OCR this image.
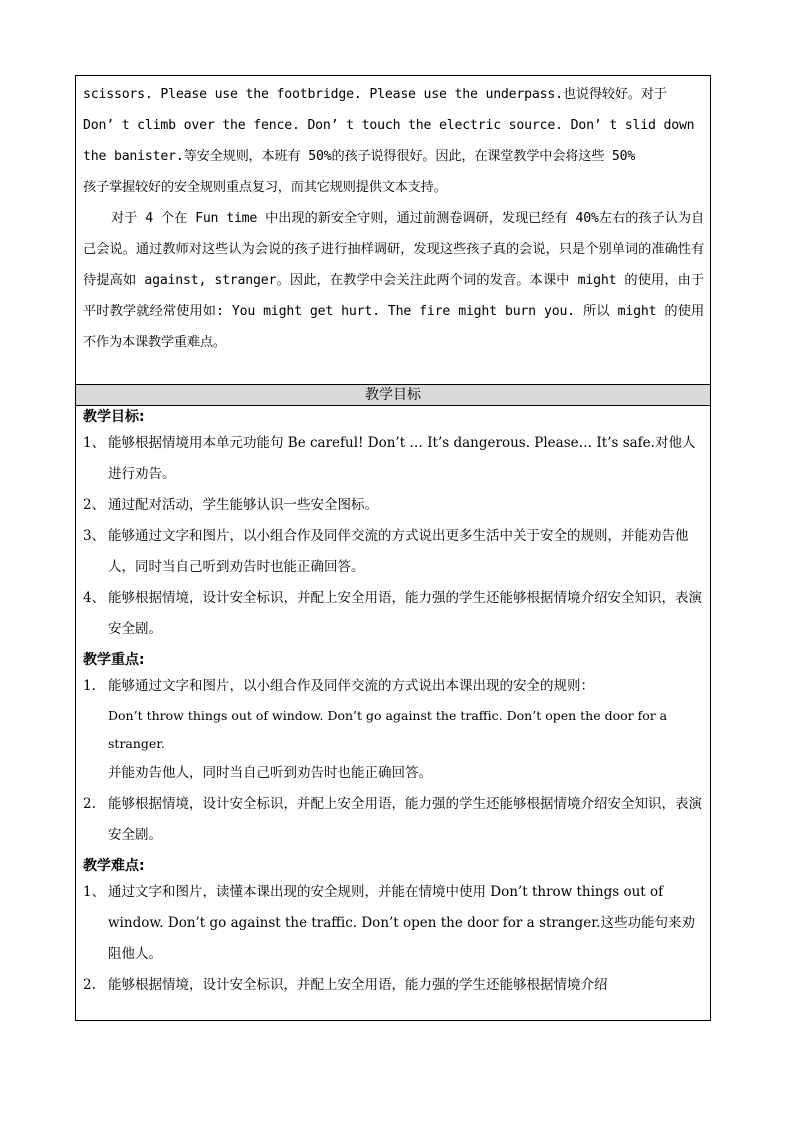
scissors. Please use the footbridge. Please use the underpass.也说得较好。对于

Don’ t climb over the fence. Don’ t touch the electric source. Don’ t slid down

the banister.等安全规则，本班有 50%的孩子说得很好。因此，在课堂教学中会将这些 50%

孩子掌握较好的安全规则重点复习，而其它规则提供文本支持。

对于 4 个在 Fun time 中出现的新安全守则，通过前测卷调研，发现已经有 40%左右的孩子认为自己会说。通过教师对这些认为会说的孩子进行抽样调研，发现这些孩子真的会说，只是个别单词的准确性有待提高如 against, stranger。因此，在教学中会关注此两个词的发音。本课中 might 的使用，由于平时教学就经常使用如: You might get hurt. The fire might burn you. 所以 might 的使用不作为本课教学重难点。

教学目标

教学目标:

1、 能够根据情境用本单元功能句 Be careful! Don’t … It’s dangerous. Please… It’s safe.对他人进行劝告。
2、 通过配对活动，学生能够认识一些安全图标。
3、 能够通过文字和图片，以小组合作及同伴交流的方式说出更多生活中关于安全的规则，并能劝告他人，同时当自己听到劝告时也能正确回答。
4、 能够根据情境，设计安全标识，并配上安全用语，能力强的学生还能够根据情境介绍安全知识，表演安全剧。

教学重点:

1. 能够通过文字和图片，以小组合作及同伴交流的方式说出本课出现的安全的规则：

Don’t throw things out of window. Don’t go against the traffic. Don’t open the door for a stranger.

并能劝告他人，同时当自己听到劝告时也能正确回答。

2. 能够根据情境，设计安全标识，并配上安全用语，能力强的学生还能够根据情境介绍安全知识，表演安全剧。

教学难点:

1、 通过文字和图片，读懂本课出现的安全规则，并能在情境中使用 Don’t throw things out of window. Don’t go against the traffic. Don’t open the door for a stranger.这些功能句来劝阻他人。
2. 能够根据情境，设计安全标识，并配上安全用语，能力强的学生还能够根据情境介绍
